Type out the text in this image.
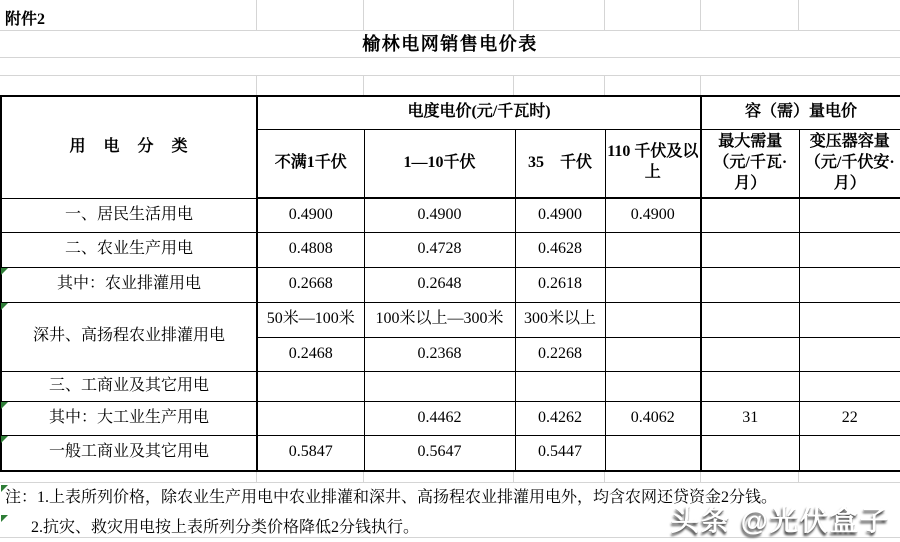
附件2
榆林电网销售电价表
用　电　分　类	电度电价(元/千瓦时)				容（需）量电价	
	不满1千伏	1—10千伏	35　千伏	110 千伏及以上	最大需量（元/千瓦·月）	变压器容量（元/千伏安·月）
一、居民生活用电	0.4900	0.4900	0.4900	0.4900		
二、农业生产用电	0.4808	0.4728	0.4628			
其中：农业排灌用电	0.2668	0.2648	0.2618			
深井、高扬程农业排灌用电	50米—100米	100米以上—300米	300米以上			
	0.2468	0.2368	0.2268			
三、工商业及其它用电						
其中：大工业生产用电		0.4462	0.4262	0.4062	31	22
一般工商业及其它用电	0.5847	0.5647	0.5447			
注：1.上表所列价格，除农业生产用电中农业排灌和深井、高扬程农业排灌用电外，均含农网还贷资金2分钱。
2.抗灾、救灾用电按上表所列分类价格降低2分钱执行。	头条 @光伏盒子
